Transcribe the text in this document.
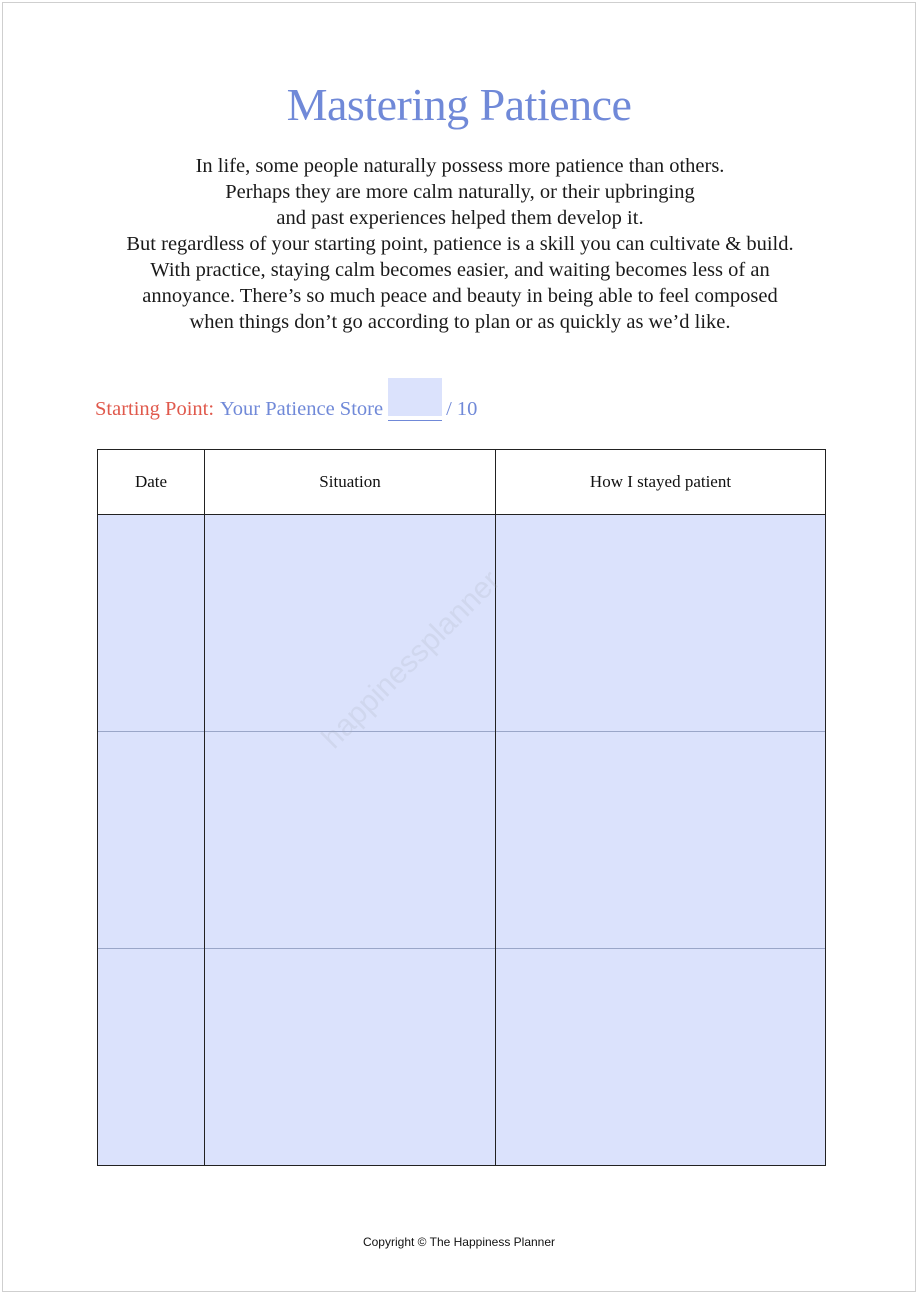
Mastering Patience
In life, some people naturally possess more patience than others.
Perhaps they are more calm naturally, or their upbringing
and past experiences helped them develop it.
But regardless of your starting point, patience is a skill you can cultivate & build.
With practice, staying calm becomes easier, and waiting becomes less of an
annoyance. There’s so much peace and beauty in being able to feel composed
when things don’t go according to plan or as quickly as we’d like.
Starting Point: Your Patience Store	/ 10
Date	Situation	How I stayed patient

Copyright © The Happiness Planner
